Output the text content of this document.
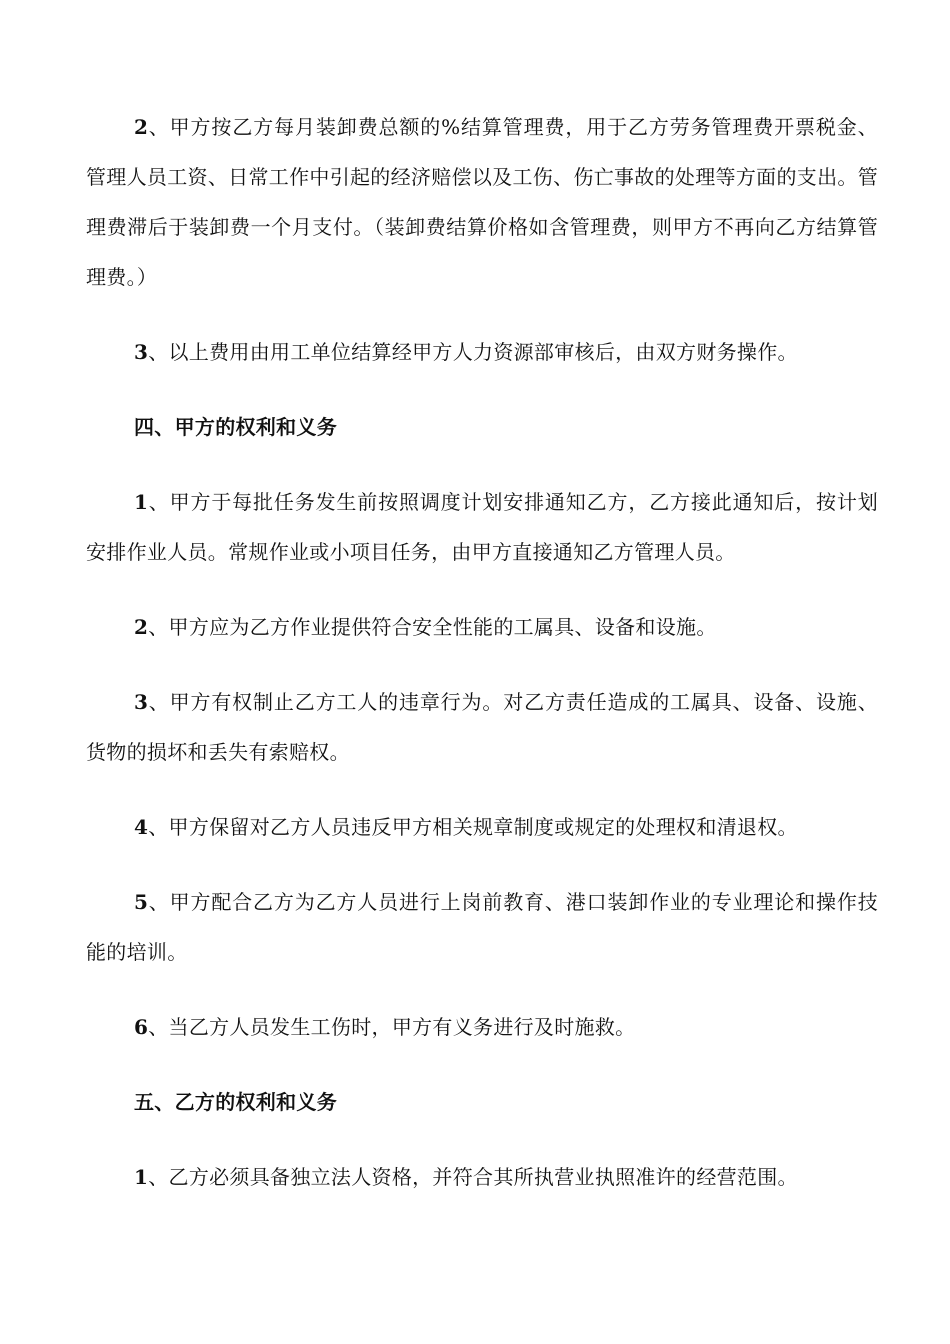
2、甲方按乙方每月装卸费总额的%结算管理费，用于乙方劳务管理费开票税金、管理人员工资、日常工作中引起的经济赔偿以及工伤、伤亡事故的处理等方面的支出。管理费滞后于装卸费一个月支付。（装卸费结算价格如含管理费，则甲方不再向乙方结算管理费。）

3、以上费用由用工单位结算经甲方人力资源部审核后，由双方财务操作。

四、甲方的权利和义务

1、甲方于每批任务发生前按照调度计划安排通知乙方，乙方接此通知后，按计划安排作业人员。常规作业或小项目任务，由甲方直接通知乙方管理人员。

2、甲方应为乙方作业提供符合安全性能的工属具、设备和设施。

3、甲方有权制止乙方工人的违章行为。对乙方责任造成的工属具、设备、设施、货物的损坏和丢失有索赔权。

4、甲方保留对乙方人员违反甲方相关规章制度或规定的处理权和清退权。

5、甲方配合乙方为乙方人员进行上岗前教育、港口装卸作业的专业理论和操作技能的培训。

6、当乙方人员发生工伤时，甲方有义务进行及时施救。

五、乙方的权利和义务

1、乙方必须具备独立法人资格，并符合其所执营业执照准许的经营范围。
